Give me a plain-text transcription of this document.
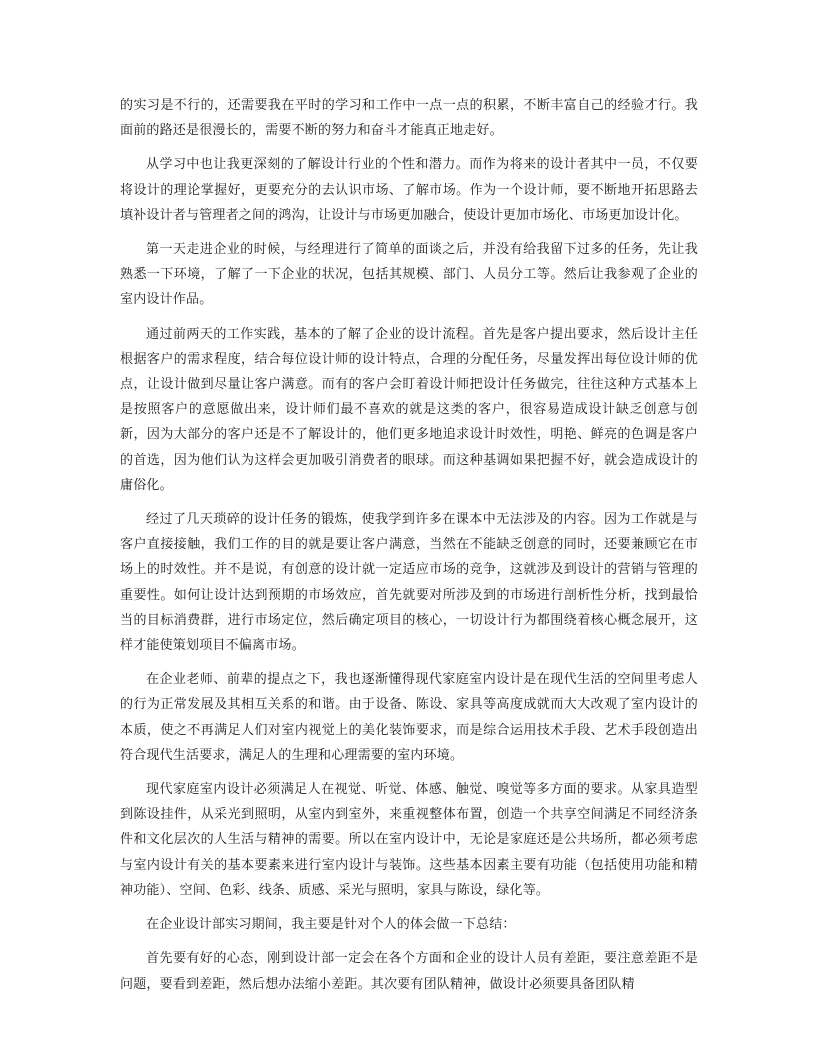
的实习是不行的，还需要我在平时的学习和工作中一点一点的积累，不断丰富自己的经验才行。我面前的路还是很漫长的，需要不断的努力和奋斗才能真正地走好。

从学习中也让我更深刻的了解设计行业的个性和潜力。而作为将来的设计者其中一员，不仅要将设计的理论掌握好，更要充分的去认识市场、了解市场。作为一个设计师，要不断地开拓思路去填补设计者与管理者之间的鸿沟，让设计与市场更加融合，使设计更加市场化、市场更加设计化。

第一天走进企业的时候，与经理进行了简单的面谈之后，并没有给我留下过多的任务，先让我熟悉一下环境，了解了一下企业的状况，包括其规模、部门、人员分工等。然后让我参观了企业的室内设计作品。

通过前两天的工作实践，基本的了解了企业的设计流程。首先是客户提出要求，然后设计主任根据客户的需求程度，结合每位设计师的设计特点，合理的分配任务，尽量发挥出每位设计师的优点，让设计做到尽量让客户满意。而有的客户会盯着设计师把设计任务做完，往往这种方式基本上是按照客户的意愿做出来，设计师们最不喜欢的就是这类的客户，很容易造成设计缺乏创意与创新，因为大部分的客户还是不了解设计的，他们更多地追求设计时效性，明艳、鲜亮的色调是客户的首选，因为他们认为这样会更加吸引消费者的眼球。而这种基调如果把握不好，就会造成设计的庸俗化。

经过了几天琐碎的设计任务的锻炼，使我学到许多在课本中无法涉及的内容。因为工作就是与客户直接接触，我们工作的目的就是要让客户满意，当然在不能缺乏创意的同时，还要兼顾它在市场上的时效性。并不是说，有创意的设计就一定适应市场的竞争，这就涉及到设计的营销与管理的重要性。如何让设计达到预期的市场效应，首先就要对所涉及到的市场进行剖析性分析，找到最恰当的目标消费群，进行市场定位，然后确定项目的核心，一切设计行为都围绕着核心概念展开，这样才能使策划项目不偏离市场。

在企业老师、前辈的提点之下，我也逐渐懂得现代家庭室内设计是在现代生活的空间里考虑人的行为正常发展及其相互关系的和谐。由于设备、陈设、家具等高度成就而大大改观了室内设计的本质，使之不再满足人们对室内视觉上的美化装饰要求，而是综合运用技术手段、艺术手段创造出符合现代生活要求，满足人的生理和心理需要的室内环境。

现代家庭室内设计必须满足人在视觉、听觉、体感、触觉、嗅觉等多方面的要求。从家具造型到陈设挂件，从采光到照明，从室内到室外，来重视整体布置，创造一个共享空间满足不同经济条件和文化层次的人生活与精神的需要。所以在室内设计中，无论是家庭还是公共场所，都必须考虑与室内设计有关的基本要素来进行室内设计与装饰。这些基本因素主要有功能（包括使用功能和精神功能）、空间、色彩、线条、质感、采光与照明，家具与陈设，绿化等。

在企业设计部实习期间，我主要是针对个人的体会做一下总结：

首先要有好的心态，刚到设计部一定会在各个方面和企业的设计人员有差距，要注意差距不是问题，要看到差距，然后想办法缩小差距。其次要有团队精神，做设计必须要具备团队精
